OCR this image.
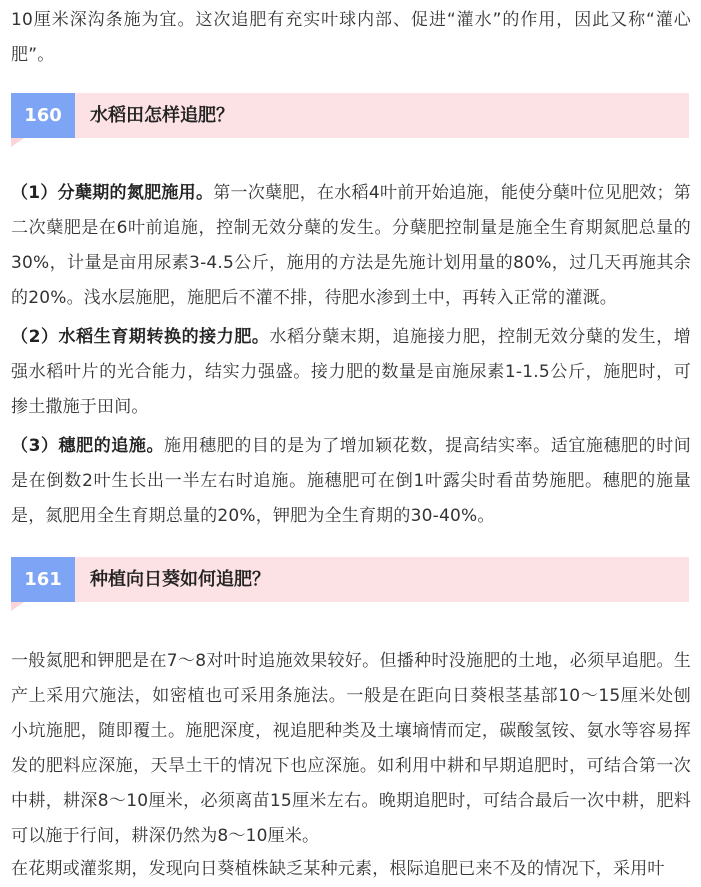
10厘米深沟条施为宜。这次追肥有充实叶球内部、促进“灌水”的作用，因此又称“灌心肥”。

160	水稻田怎样追肥？

（1）分蘖期的氮肥施用。第一次蘖肥，在水稻4叶前开始追施，能使分蘖叶位见肥效；第二次蘖肥是在6叶前追施，控制无效分蘖的发生。分蘖肥控制量是施全生育期氮肥总量的30%，计量是亩用尿素3-4.5公斤，施用的方法是先施计划用量的80%，过几天再施其余的20%。浅水层施肥，施肥后不灌不排，待肥水渗到土中，再转入正常的灌溉。

（2）水稻生育期转换的接力肥。水稻分蘖末期，追施接力肥，控制无效分蘖的发生，增强水稻叶片的光合能力，结实力强盛。接力肥的数量是亩施尿素1-1.5公斤，施肥时，可掺土撒施于田间。

（3）穗肥的追施。施用穗肥的目的是为了增加颖花数，提高结实率。适宜施穗肥的时间是在倒数2叶生长出一半左右时追施。施穗肥可在倒1叶露尖时看苗势施肥。穗肥的施量是，氮肥用全生育期总量的20%，钾肥为全生育期的30-40%。

161	种植向日葵如何追肥？

一般氮肥和钾肥是在7～8对叶时追施效果较好。但播种时没施肥的土地，必须早追肥。生产上采用穴施法，如密植也可采用条施法。一般是在距向日葵根茎基部10～15厘米处刨小坑施肥，随即覆土。施肥深度，视追肥种类及土壤墒情而定，碳酸氢铵、氨水等容易挥发的肥料应深施，天旱土干的情况下也应深施。如利用中耕和早期追肥时，可结合第一次中耕，耕深8～10厘米，必须离苗15厘米左右。晚期追肥时，可结合最后一次中耕，肥料可以施于行间，耕深仍然为8～10厘米。

在花期或灌浆期，发现向日葵植株缺乏某种元素，根际追肥已来不及的情况下，采用叶
